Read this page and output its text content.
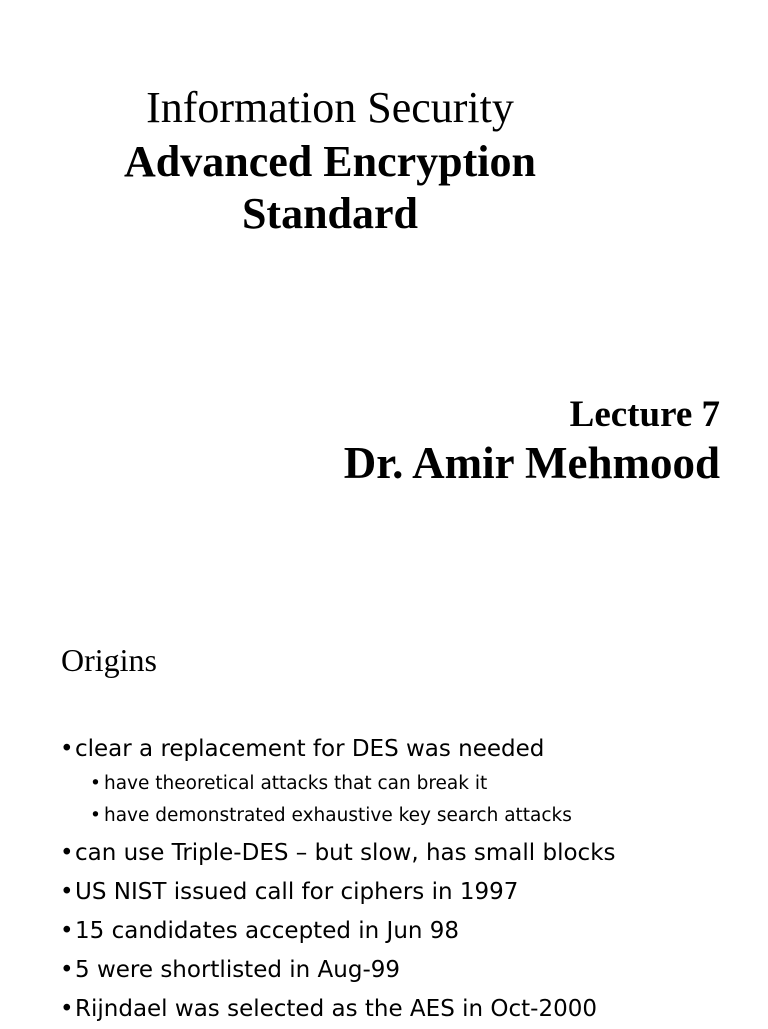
Information Security
Advanced Encryption
Standard
Lecture 7
Dr. Amir Mehmood
Origins
• clear a replacement for DES was needed
• have theoretical attacks that can break it
• have demonstrated exhaustive key search attacks
• can use Triple-DES – but slow, has small blocks
• US NIST issued call for ciphers in 1997
• 15 candidates accepted in Jun 98
• 5 were shortlisted in Aug-99
• Rijndael was selected as the AES in Oct-2000
